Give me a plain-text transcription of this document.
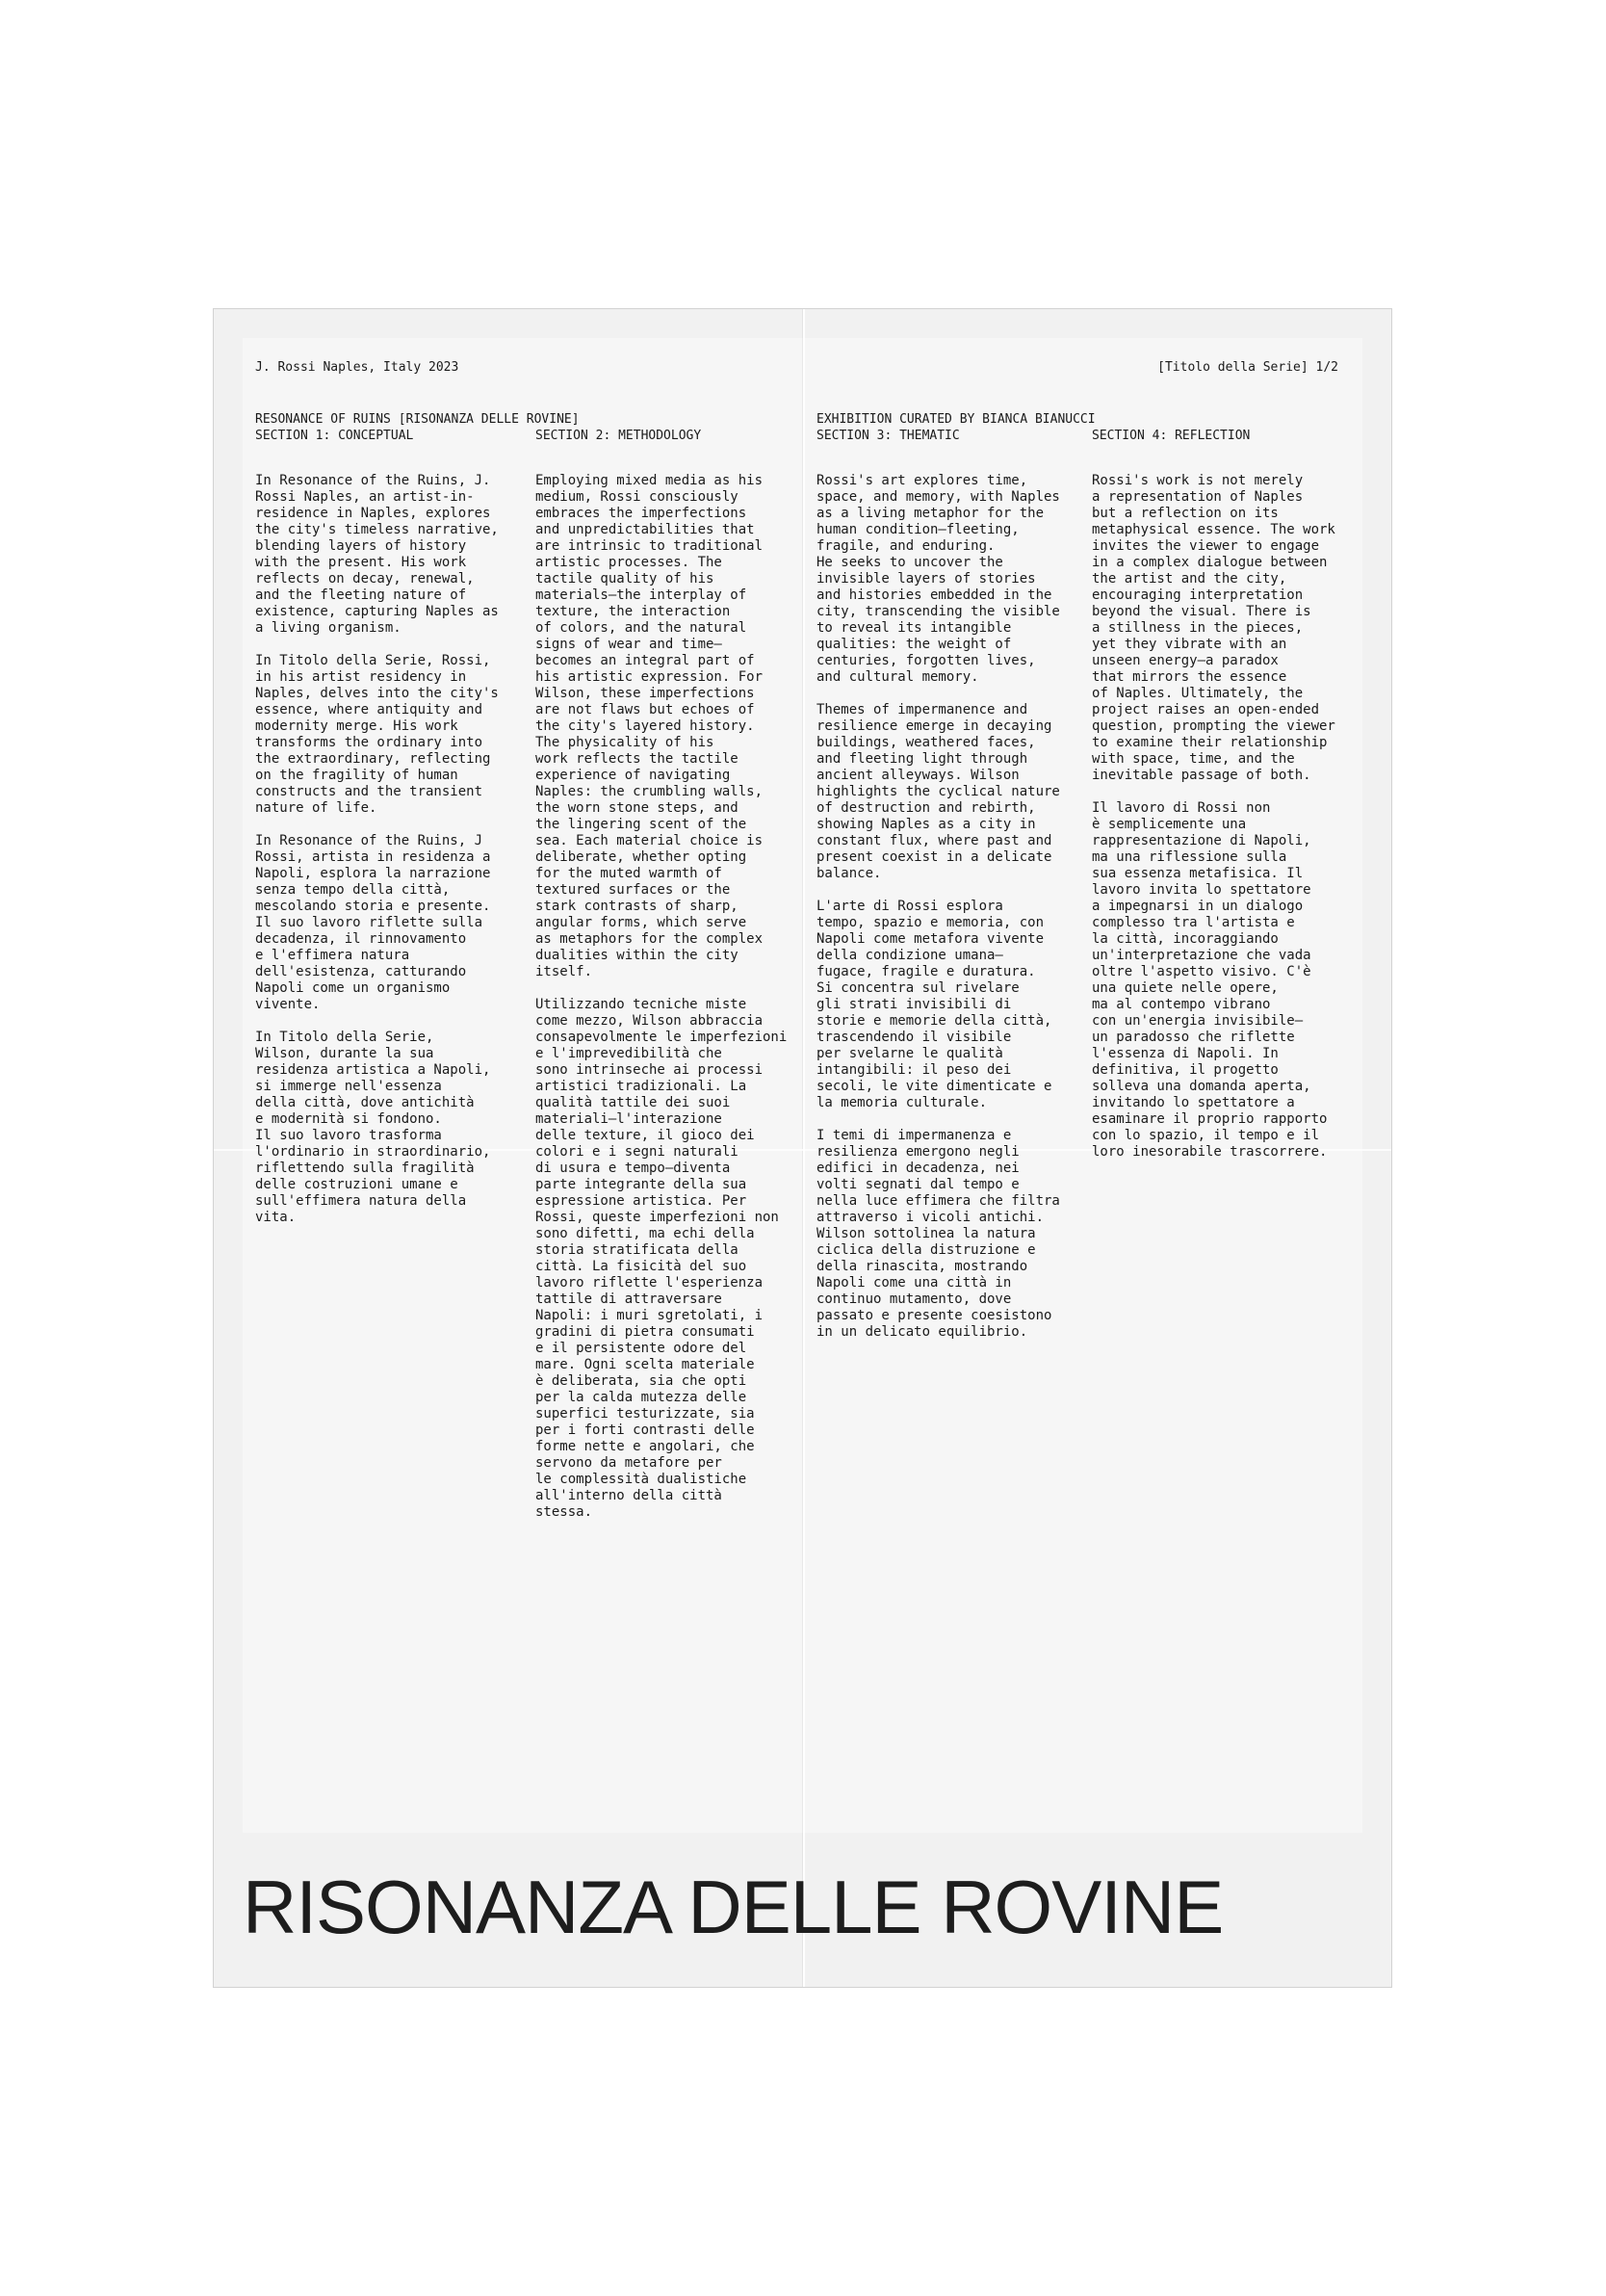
J. Rossi Naples, Italy 2023	[Titolo della Serie] 1/2
RESONANCE OF RUINS [RISONANZA DELLE ROVINE]	EXHIBITION CURATED BY BIANCA BIANUCCI
SECTION 1: CONCEPTUAL	SECTION 2: METHODOLOGY	SECTION 3: THEMATIC	SECTION 4: REFLECTION

In Resonance of the Ruins, J.
Rossi Naples, an artist-in-
residence in Naples, explores
the city's timeless narrative,
blending layers of history
with the present. His work
reflects on decay, renewal,
and the fleeting nature of
existence, capturing Naples as
a living organism.

In Titolo della Serie, Rossi,
in his artist residency in
Naples, delves into the city's
essence, where antiquity and
modernity merge. His work
transforms the ordinary into
the extraordinary, reflecting
on the fragility of human
constructs and the transient
nature of life.

In Resonance of the Ruins, J
Rossi, artista in residenza a
Napoli, esplora la narrazione
senza tempo della città,
mescolando storia e presente.
Il suo lavoro riflette sulla
decadenza, il rinnovamento
e l'effimera natura
dell'esistenza, catturando
Napoli come un organismo
vivente.

In Titolo della Serie,
Wilson, durante la sua
residenza artistica a Napoli,
si immerge nell'essenza
della città, dove antichità
e modernità si fondono.
Il suo lavoro trasforma
l'ordinario in straordinario,
riflettendo sulla fragilità
delle costruzioni umane e
sull'effimera natura della
vita.

Employing mixed media as his
medium, Rossi consciously
embraces the imperfections
and unpredictabilities that
are intrinsic to traditional
artistic processes. The
tactile quality of his
materials—the interplay of
texture, the interaction
of colors, and the natural
signs of wear and time—
becomes an integral part of
his artistic expression. For
Wilson, these imperfections
are not flaws but echoes of
the city's layered history.
The physicality of his
work reflects the tactile
experience of navigating
Naples: the crumbling walls,
the worn stone steps, and
the lingering scent of the
sea. Each material choice is
deliberate, whether opting
for the muted warmth of
textured surfaces or the
stark contrasts of sharp,
angular forms, which serve
as metaphors for the complex
dualities within the city
itself.

Utilizzando tecniche miste
come mezzo, Wilson abbraccia
consapevolmente le imperfezioni
e l'imprevedibilità che
sono intrinseche ai processi
artistici tradizionali. La
qualità tattile dei suoi
materiali—l'interazione
delle texture, il gioco dei
colori e i segni naturali
di usura e tempo—diventa
parte integrante della sua
espressione artistica. Per
Rossi, queste imperfezioni non
sono difetti, ma echi della
storia stratificata della
città. La fisicità del suo
lavoro riflette l'esperienza
tattile di attraversare
Napoli: i muri sgretolati, i
gradini di pietra consumati
e il persistente odore del
mare. Ogni scelta materiale
è deliberata, sia che opti
per la calda mutezza delle
superfici testurizzate, sia
per i forti contrasti delle
forme nette e angolari, che
servono da metafore per
le complessità dualistiche
all'interno della città
stessa.

Rossi's art explores time,
space, and memory, with Naples
as a living metaphor for the
human condition—fleeting,
fragile, and enduring.
He seeks to uncover the
invisible layers of stories
and histories embedded in the
city, transcending the visible
to reveal its intangible
qualities: the weight of
centuries, forgotten lives,
and cultural memory.

Themes of impermanence and
resilience emerge in decaying
buildings, weathered faces,
and fleeting light through
ancient alleyways. Wilson
highlights the cyclical nature
of destruction and rebirth,
showing Naples as a city in
constant flux, where past and
present coexist in a delicate
balance.

L'arte di Rossi esplora
tempo, spazio e memoria, con
Napoli come metafora vivente
della condizione umana—
fugace, fragile e duratura.
Si concentra sul rivelare
gli strati invisibili di
storie e memorie della città,
trascendendo il visibile
per svelarne le qualità
intangibili: il peso dei
secoli, le vite dimenticate e
la memoria culturale.

I temi di impermanenza e
resilienza emergono negli
edifici in decadenza, nei
volti segnati dal tempo e
nella luce effimera che filtra
attraverso i vicoli antichi.
Wilson sottolinea la natura
ciclica della distruzione e
della rinascita, mostrando
Napoli come una città in
continuo mutamento, dove
passato e presente coesistono
in un delicato equilibrio.

Rossi's work is not merely
a representation of Naples
but a reflection on its
metaphysical essence. The work
invites the viewer to engage
in a complex dialogue between
the artist and the city,
encouraging interpretation
beyond the visual. There is
a stillness in the pieces,
yet they vibrate with an
unseen energy—a paradox
that mirrors the essence
of Naples. Ultimately, the
project raises an open-ended
question, prompting the viewer
to examine their relationship
with space, time, and the
inevitable passage of both.

Il lavoro di Rossi non
è semplicemente una
rappresentazione di Napoli,
ma una riflessione sulla
sua essenza metafisica. Il
lavoro invita lo spettatore
a impegnarsi in un dialogo
complesso tra l'artista e
la città, incoraggiando
un'interpretazione che vada
oltre l'aspetto visivo. C'è
una quiete nelle opere,
ma al contempo vibrano
con un'energia invisibile—
un paradosso che riflette
l'essenza di Napoli. In
definitiva, il progetto
solleva una domanda aperta,
invitando lo spettatore a
esaminare il proprio rapporto
con lo spazio, il tempo e il
loro inesorabile trascorrere.

RISONANZA DELLE ROVINE
